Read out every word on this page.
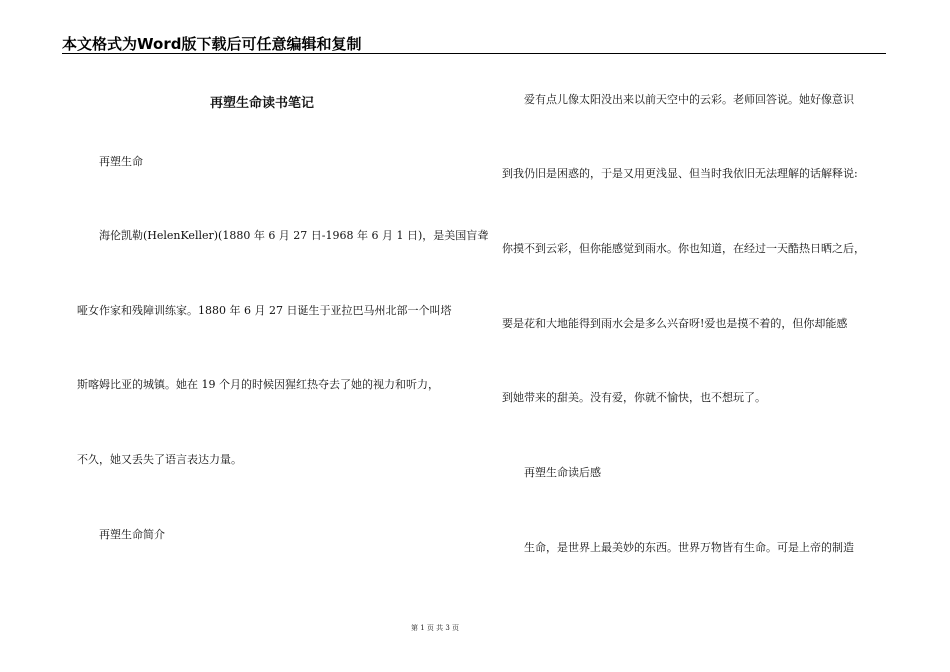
本文格式为Word版下载后可任意编辑和复制
再塑生命读书笔记
再塑生命
海伦凯勒(HelenKeller)(1880 年 6 月 27 日-1968 年 6 月 1 日)，是美国盲聋
哑女作家和残障训练家。1880 年 6 月 27 日诞生于亚拉巴马州北部一个叫塔
斯喀姆比亚的城镇。她在 19 个月的时候因猩红热夺去了她的视力和听力，
不久，她又丢失了语言表达力量。
再塑生命简介
爱有点儿像太阳没出来以前天空中的云彩。老师回答说。她好像意识
到我仍旧是困惑的，于是又用更浅显、但当时我依旧无法理解的话解释说:
你摸不到云彩，但你能感觉到雨水。你也知道，在经过一天酷热日晒之后，
要是花和大地能得到雨水会是多么兴奋呀!爱也是摸不着的，但你却能感
到她带来的甜美。没有爱，你就不愉快，也不想玩了。
再塑生命读后感
生命，是世界上最美妙的东西。世界万物皆有生命。可是上帝的制造
第 1 页 共 3 页
